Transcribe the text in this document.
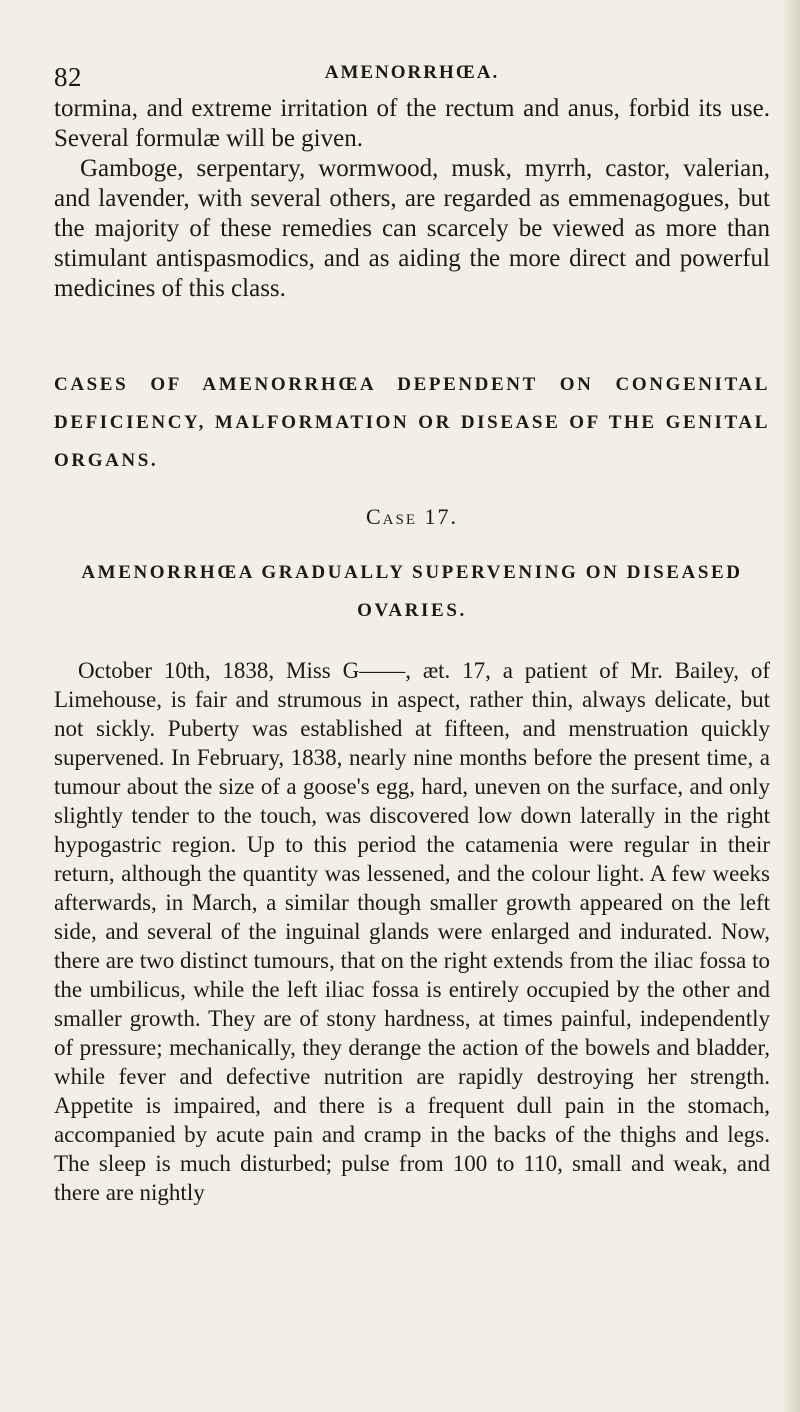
82	AMENORRHŒA.

tormina, and extreme irritation of the rectum and anus, forbid its use. Several formulæ will be given.

Gamboge, serpentary, wormwood, musk, myrrh, castor, valerian, and lavender, with several others, are regarded as emmenagogues, but the majority of these remedies can scarcely be viewed as more than stimulant antispasmodics, and as aiding the more direct and powerful medicines of this class.

CASES OF AMENORRHŒA DEPENDENT ON CONGENITAL DEFICIENCY, MALFORMATION OR DISEASE OF THE GENITAL ORGANS.

Case 17.

AMENORRHŒA GRADUALLY SUPERVENING ON DISEASED OVARIES.

October 10th, 1838, Miss G——, æt. 17, a patient of Mr. Bailey, of Limehouse, is fair and strumous in aspect, rather thin, always delicate, but not sickly. Puberty was established at fifteen, and menstruation quickly supervened. In February, 1838, nearly nine months before the present time, a tumour about the size of a goose's egg, hard, uneven on the surface, and only slightly tender to the touch, was discovered low down laterally in the right hypogastric region. Up to this period the catamenia were regular in their return, although the quantity was lessened, and the colour light. A few weeks afterwards, in March, a similar though smaller growth appeared on the left side, and several of the inguinal glands were enlarged and indurated. Now, there are two distinct tumours, that on the right extends from the iliac fossa to the umbilicus, while the left iliac fossa is entirely occupied by the other and smaller growth. They are of stony hardness, at times painful, independently of pressure; mechanically, they derange the action of the bowels and bladder, while fever and defective nutrition are rapidly destroying her strength. Appetite is impaired, and there is a frequent dull pain in the stomach, accompanied by acute pain and cramp in the backs of the thighs and legs. The sleep is much disturbed; pulse from 100 to 110, small and weak, and there are nightly
